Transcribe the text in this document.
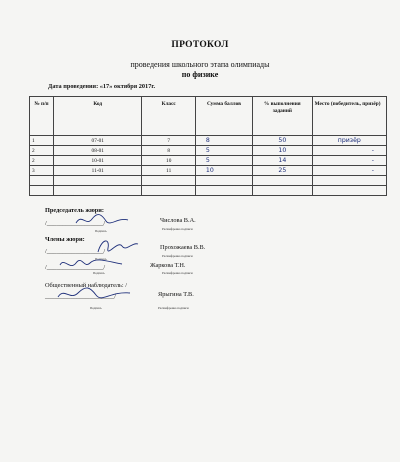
ПРОТОКОЛ
проведения школьного этапа олимпиады
по физике
Дата проведения: «17» октября 2017г.
№ п/п	Код	Класс	Сумма баллов	% выполнения заданий	Место (победитель, призёр)
1	07-01	7	8	50	призёр
2	08-01	8	5	10	-
2	10-01	10	5	14	-
3	11-01	11	10	25	-

Председатель жюри:
/__________________/	Числова В.А.
Подпись	Расшифровка подписи
Члены жюри:
/__________________/
Прохожаева В.В.
Подпись
Расшифровка подписи
/__________________/	Жаркова Т.Н.
Подпись	Расшифровка подписи
Общественный наблюдатель: /
______________________/	Ярыгина Т.В.
Подпись	Расшифровка подписи
